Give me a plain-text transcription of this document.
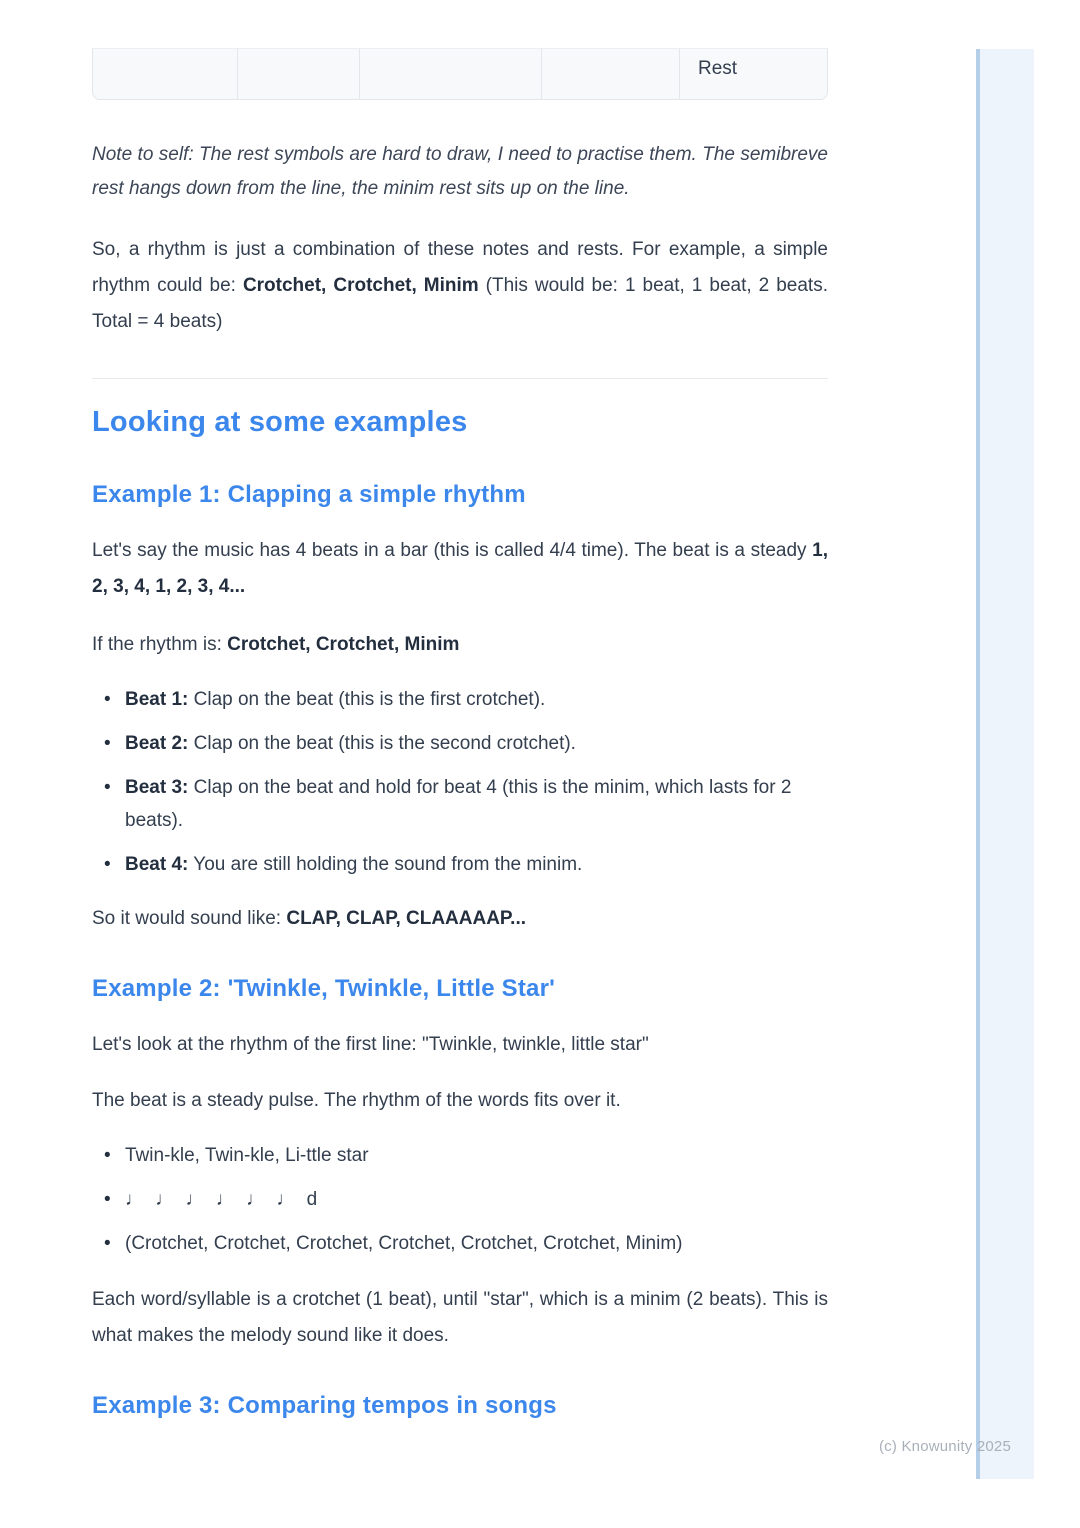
(c) Knowunity 2025
				Rest

Note to self: The rest symbols are hard to draw, I need to practise them. The semibreve rest hangs down from the line, the minim rest sits up on the line.

So, a rhythm is just a combination of these notes and rests. For example, a simple rhythm could be: Crotchet, Crotchet, Minim (This would be: 1 beat, 1 beat, 2 beats. Total = 4 beats)

Looking at some examples
Example 1: Clapping a simple rhythm

Let's say the music has 4 beats in a bar (this is called 4/4 time). The beat is a steady 1, 2, 3, 4, 1, 2, 3, 4...

If the rhythm is: Crotchet, Crotchet, Minim

• Beat 1: Clap on the beat (this is the first crotchet).
• Beat 2: Clap on the beat (this is the second crotchet).
• Beat 3: Clap on the beat and hold for beat 4 (this is the minim, which lasts for 2 beats).
• Beat 4: You are still holding the sound from the minim.

So it would sound like: CLAP, CLAP, CLAAAAAP...

Example 2: 'Twinkle, Twinkle, Little Star'

Let's look at the rhythm of the first line: "Twinkle, twinkle, little star"

The beat is a steady pulse. The rhythm of the words fits over it.

• Twin-kle, Twin-kle, Li-ttle star
• ♩ ♩ ♩ ♩ ♩ ♩ d
• (Crotchet, Crotchet, Crotchet, Crotchet, Crotchet, Crotchet, Minim)

Each word/syllable is a crotchet (1 beat), until "star", which is a minim (2 beats). This is what makes the melody sound like it does.

Example 3: Comparing tempos in songs
